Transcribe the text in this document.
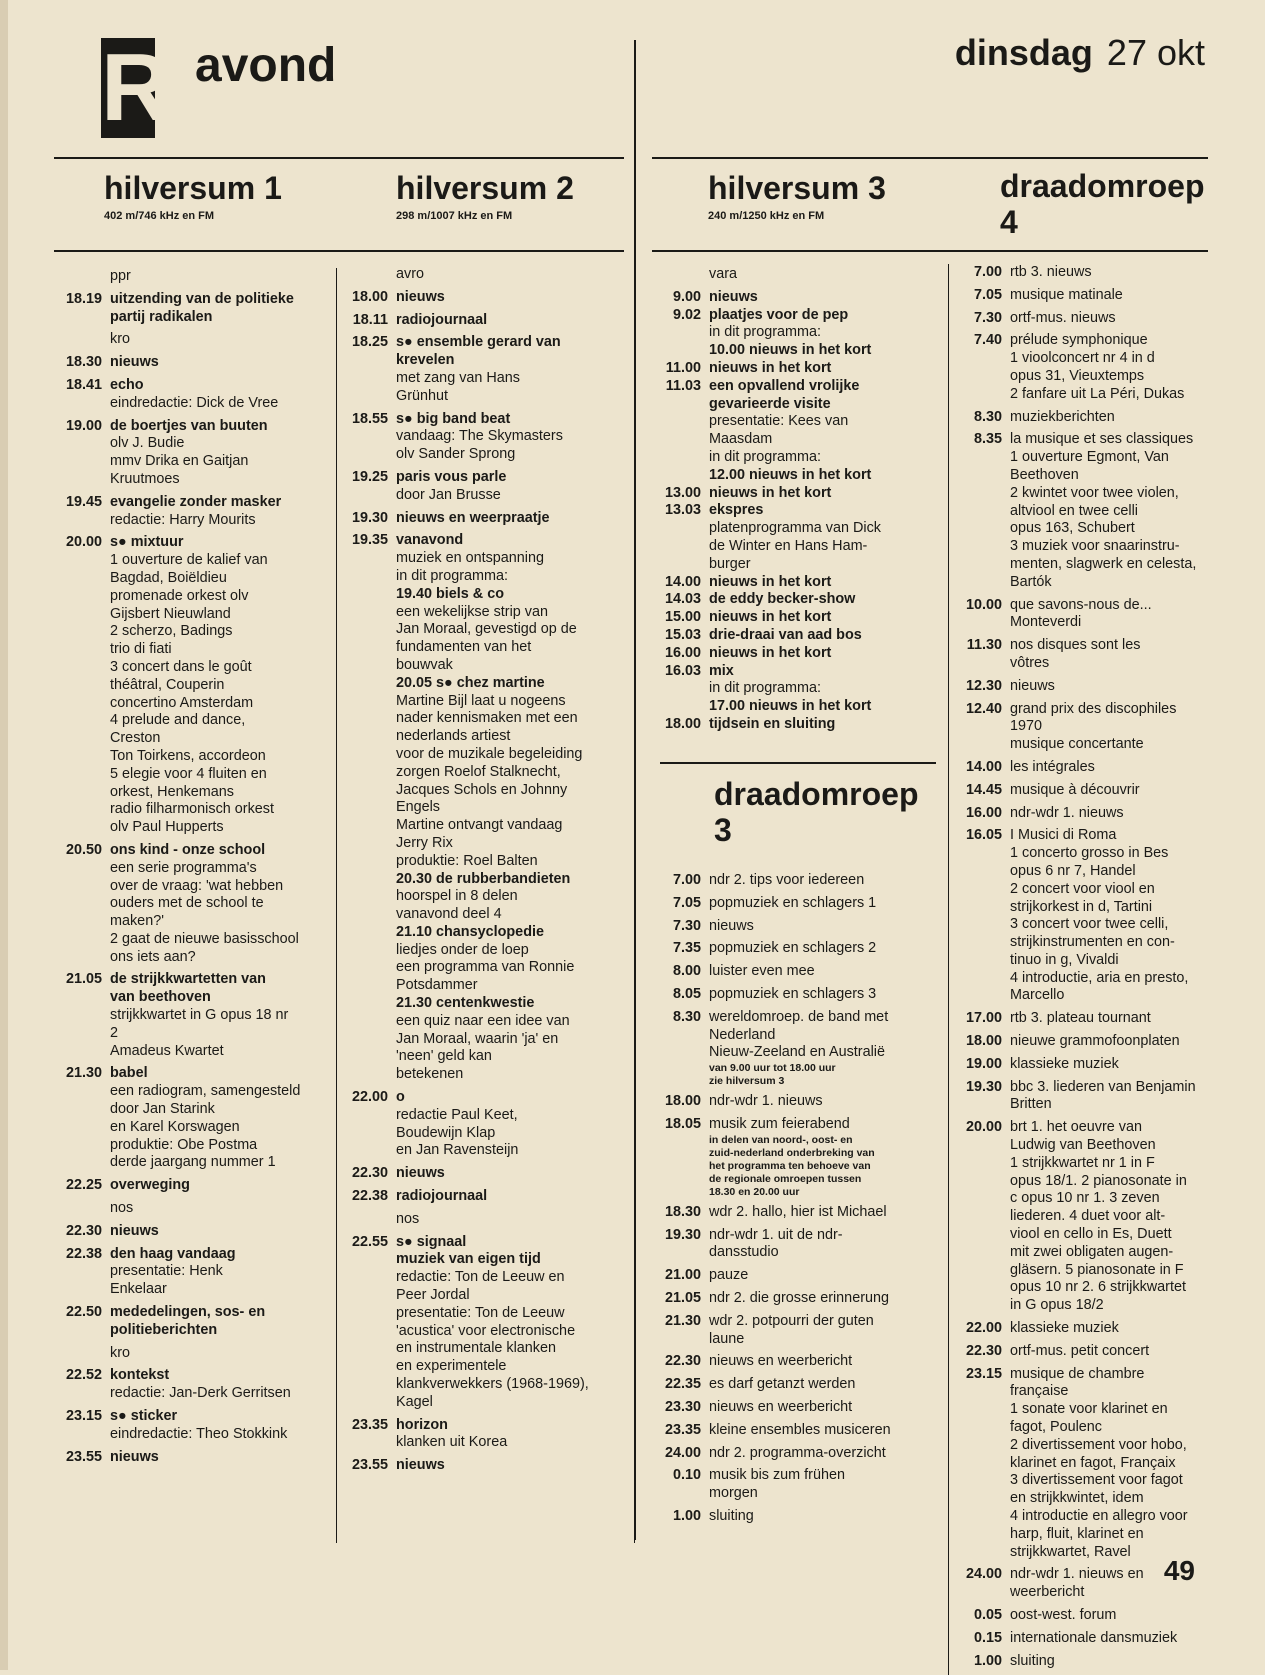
R avond	dinsdag 27 okt
hilversum 1
402 m/746 kHz en FM
hilversum 2
298 m/1007 kHz en FM
hilversum 3
240 m/1250 kHz en FM
draadomroep 4
draadomroep 3
ppr
18.19 uitzending van de politieke
partij radikalen
kro
18.30 nieuws
18.41 echo
eindredactie: Dick de Vree
19.00 de boertjes van buuten
olv J. Budie
mmv Drika en Gaitjan
Kruutmoes
19.45 evangelie zonder masker
redactie: Harry Mourits
20.00 s● mixtuur
1 ouverture de kalief van
Bagdad, Boiëldieu
promenade orkest olv
Gijsbert Nieuwland
2 scherzo, Badings
trio di fiati
3 concert dans le goût
théâtral, Couperin
concertino Amsterdam
4 prelude and dance,
Creston
Ton Toirkens, accordeon
5 elegie voor 4 fluiten en
orkest, Henkemans
radio filharmonisch orkest
olv Paul Hupperts
20.50 ons kind - onze school
een serie programma's
over de vraag: 'wat hebben
ouders met de school te
maken?'
2 gaat de nieuwe basisschool
ons iets aan?
21.05 de strijkkwartetten van
van beethoven
strijkkwartet in G opus 18 nr
2
Amadeus Kwartet
21.30 babel
een radiogram, samengesteld
door Jan Starink
en Karel Korswagen
produktie: Obe Postma
derde jaargang nummer 1
22.25 overweging
nos
22.30 nieuws
22.38 den haag vandaag
presentatie: Henk
Enkelaar
22.50 mededelingen, sos- en
politieberichten
kro
22.52 kontekst
redactie: Jan-Derk Gerritsen
23.15 s● sticker
eindredactie: Theo Stokkink
23.55 nieuws
avro
18.00 nieuws
18.11 radiojournaal
18.25 s● ensemble gerard van
krevelen
met zang van Hans
Grünhut
18.55 s● big band beat
vandaag: The Skymasters
olv Sander Sprong
19.25 paris vous parle
door Jan Brusse
19.30 nieuws en weerpraatje
19.35 vanavond
muziek en ontspanning
in dit programma:
19.40 biels & co
een wekelijkse strip van
Jan Moraal, gevestigd op de
fundamenten van het
bouwvak
20.05 s● chez martine
Martine Bijl laat u nogeens
nader kennismaken met een
nederlands artiest
voor de muzikale begeleiding
zorgen Roelof Stalknecht,
Jacques Schols en Johnny
Engels
Martine ontvangt vandaag
Jerry Rix
produktie: Roel Balten
20.30 de rubberbandieten
hoorspel in 8 delen
vanavond deel 4
21.10 chansyclopedie
liedjes onder de loep
een programma van Ronnie
Potsdammer
21.30 centenkwestie
een quiz naar een idee van
Jan Moraal, waarin 'ja' en
'neen' geld kan
betekenen
22.00 o
redactie Paul Keet,
Boudewijn Klap
en Jan Ravensteijn
22.30 nieuws
22.38 radiojournaal
nos
22.55 s● signaal
muziek van eigen tijd
redactie: Ton de Leeuw en
Peer Jordal
presentatie: Ton de Leeuw
'acustica' voor electronische
en instrumentale klanken
en experimentele
klankverwekkers (1968-1969),
Kagel
23.35 horizon
klanken uit Korea
23.55 nieuws
vara
9.00 nieuws
9.02 plaatjes voor de pep
in dit programma:
10.00 nieuws in het kort
11.00 nieuws in het kort
11.03 een opvallend vrolijke
gevarieerde visite
presentatie: Kees van
Maasdam
in dit programma:
12.00 nieuws in het kort
13.00 nieuws in het kort
13.03 ekspres
platenprogramma van Dick
de Winter en Hans Ham-
burger
14.00 nieuws in het kort
14.03 de eddy becker-show
15.00 nieuws in het kort
15.03 drie-draai van aad bos
16.00 nieuws in het kort
16.03 mix
in dit programma:
17.00 nieuws in het kort
18.00 tijdsein en sluiting
7.00 ndr 2. tips voor iedereen
7.05 popmuziek en schlagers 1
7.30 nieuws
7.35 popmuziek en schlagers 2
8.00 luister even mee
8.05 popmuziek en schlagers 3
8.30 wereldomroep. de band met
Nederland
Nieuw-Zeeland en Australië
van 9.00 uur tot 18.00 uur
zie hilversum 3
18.00 ndr-wdr 1. nieuws
18.05 musik zum feierabend
in delen van noord-, oost- en
zuid-nederland onderbreking van
het programma ten behoeve van
de regionale omroepen tussen
18.30 en 20.00 uur
18.30 wdr 2. hallo, hier ist Michael
19.30 ndr-wdr 1. uit de ndr-
dansstudio
21.00 pauze
21.05 ndr 2. die grosse erinnerung
21.30 wdr 2. potpourri der guten
laune
22.30 nieuws en weerbericht
22.35 es darf getanzt werden
23.30 nieuws en weerbericht
23.35 kleine ensembles musiceren
24.00 ndr 2. programma-overzicht
0.10 musik bis zum frühen
morgen
1.00 sluiting
7.00 rtb 3. nieuws
7.05 musique matinale
7.30 ortf-mus. nieuws
7.40 prélude symphonique
1 vioolconcert nr 4 in d
opus 31, Vieuxtemps
2 fanfare uit La Péri, Dukas
8.30 muziekberichten
8.35 la musique et ses classiques
1 ouverture Egmont, Van
Beethoven
2 kwintet voor twee violen,
altviool en twee celli
opus 163, Schubert
3 muziek voor snaarinstru-
menten, slagwerk en celesta,
Bartók
10.00 que savons-nous de...
Monteverdi
11.30 nos disques sont les
vôtres
12.30 nieuws
12.40 grand prix des discophiles
1970
musique concertante
14.00 les intégrales
14.45 musique à découvrir
16.00 ndr-wdr 1. nieuws
16.05 I Musici di Roma
1 concerto grosso in Bes
opus 6 nr 7, Handel
2 concert voor viool en
strijkorkest in d, Tartini
3 concert voor twee celli,
strijkinstrumenten en con-
tinuo in g, Vivaldi
4 introductie, aria en presto,
Marcello
17.00 rtb 3. plateau tournant
18.00 nieuwe grammofoonplaten
19.00 klassieke muziek
19.30 bbc 3. liederen van Benjamin
Britten
20.00 brt 1. het oeuvre van
Ludwig van Beethoven
1 strijkkwartet nr 1 in F
opus 18/1. 2 pianosonate in
c opus 10 nr 1. 3 zeven
liederen. 4 duet voor alt-
viool en cello in Es, Duett
mit zwei obligaten augen-
gläsern. 5 pianosonate in F
opus 10 nr 2. 6 strijkkwartet
in G opus 18/2
22.00 klassieke muziek
22.30 ortf-mus. petit concert
23.15 musique de chambre
française
1 sonate voor klarinet en
fagot, Poulenc
2 divertissement voor hobo,
klarinet en fagot, Françaix
3 divertissement voor fagot
en strijkkwintet, idem
4 introductie en allegro voor
harp, fluit, klarinet en
strijkkwartet, Ravel
24.00 ndr-wdr 1. nieuws en
weerbericht
0.05 oost-west. forum
0.15 internationale dansmuziek
1.00 sluiting
49
